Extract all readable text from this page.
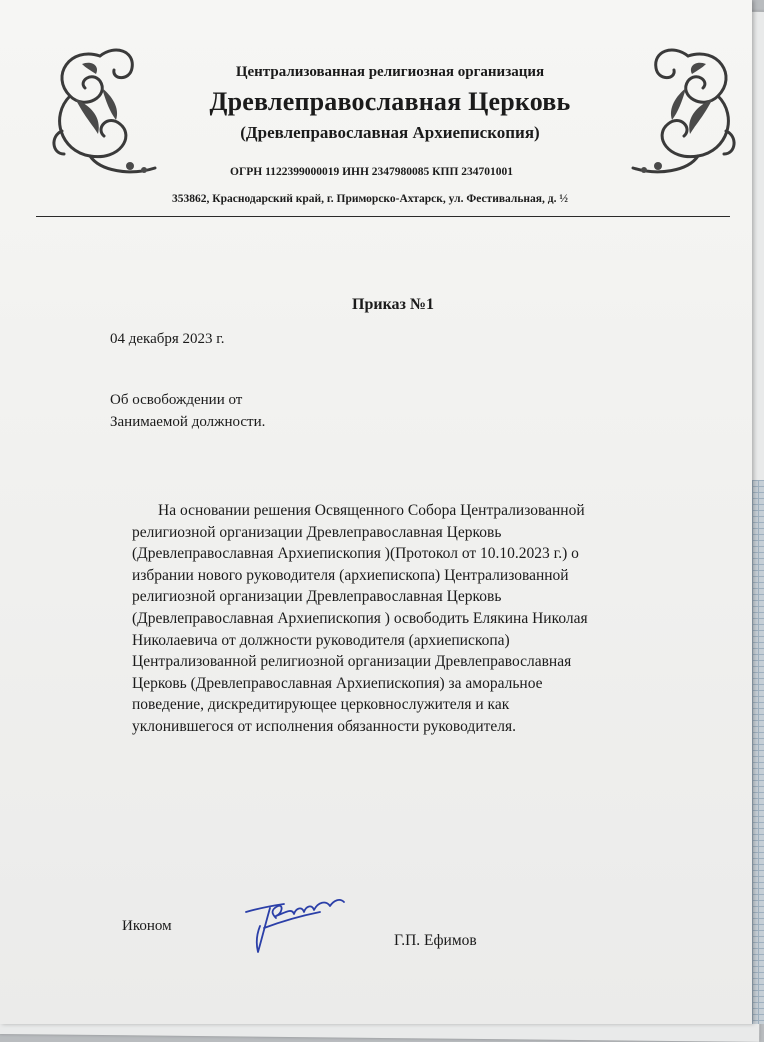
Централизованная религиозная организация
Древлеправославная Церковь
(Древлеправославная Архиепископия)
ОГРН 1122399000019 ИНН 2347980085 КПП 234701001
353862, Краснодарский край, г. Приморско-Ахтарск, ул. Фестивальная, д. ½
Приказ №1
04 декабря 2023 г.
Об освобождении от
Занимаемой должности.
На основании решения Освященного Собора Централизованной
религиозной организации Древлеправославная Церковь
(Древлеправославная Архиепископия )(Протокол от 10.10.2023 г.) о
избрании нового руководителя (архиепископа) Централизованной
религиозной организации Древлеправославная Церковь
(Древлеправославная Архиепископия ) освободить Елякина Николая
Николаевича от должности руководителя (архиепископа)
Централизованной религиозной организации Древлеправославная
Церковь (Древлеправославная Архиепископия) за аморальное
поведение, дискредитирующее церковнослужителя и как
уклонившегося от исполнения обязанности руководителя.
Иконом
Г.П. Ефимов
